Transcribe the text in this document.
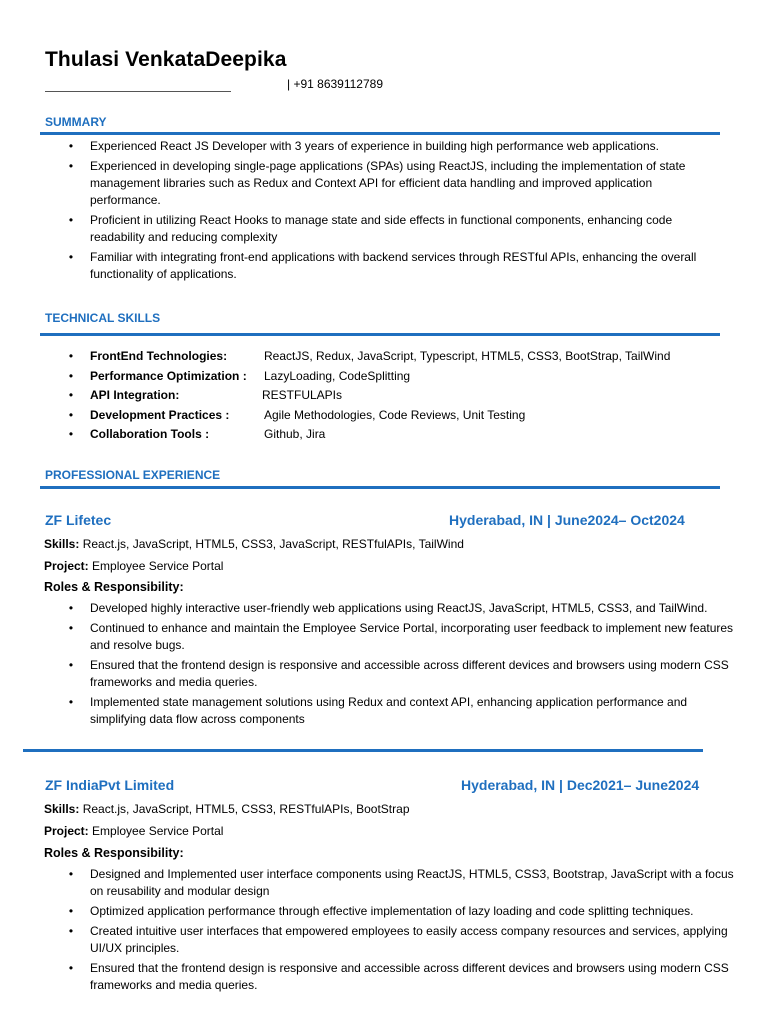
Thulasi VenkataDeepika
| +91 8639112789
SUMMARY
• Experienced React JS Developer with 3 years of experience in building high performance web applications.
• Experienced in developing single-page applications (SPAs) using ReactJS, including the implementation of state management libraries such as Redux and Context API for efficient data handling and improved application performance.
• Proficient in utilizing React Hooks to manage state and side effects in functional components, enhancing code readability and reducing complexity
• Familiar with integrating front-end applications with backend services through RESTful APIs, enhancing the overall functionality of applications.
TECHNICAL SKILLS
• FrontEnd Technologies:	ReactJS, Redux, JavaScript, Typescript, HTML5, CSS3, BootStrap, TailWind
• Performance Optimization : LazyLoading, CodeSplitting
• API Integration:	RESTFULAPIs
• Development Practices :	Agile Methodologies, Code Reviews, Unit Testing
• Collaboration Tools :	Github, Jira
PROFESSIONAL EXPERIENCE
ZF Lifetec	Hyderabad, IN | June2024– Oct2024
Skills: React.js, JavaScript, HTML5, CSS3, JavaScript, RESTfulAPIs, TailWind
Project: Employee Service Portal
Roles & Responsibility:
• Developed highly interactive user-friendly web applications using ReactJS, JavaScript, HTML5, CSS3, and TailWind.
• Continued to enhance and maintain the Employee Service Portal, incorporating user feedback to implement new features and resolve bugs.
• Ensured that the frontend design is responsive and accessible across different devices and browsers using modern CSS frameworks and media queries.
• Implemented state management solutions using Redux and context API, enhancing application performance and simplifying data flow across components
ZF IndiaPvt Limited	Hyderabad, IN | Dec2021– June2024
Skills: React.js, JavaScript, HTML5, CSS3, RESTfulAPIs, BootStrap
Project: Employee Service Portal
Roles & Responsibility:
• Designed and Implemented user interface components using ReactJS, HTML5, CSS3, Bootstrap, JavaScript with a focus on reusability and modular design
• Optimized application performance through effective implementation of lazy loading and code splitting techniques.
• Created intuitive user interfaces that empowered employees to easily access company resources and services, applying UI/UX principles.
• Ensured that the frontend design is responsive and accessible across different devices and browsers using modern CSS frameworks and media queries.
